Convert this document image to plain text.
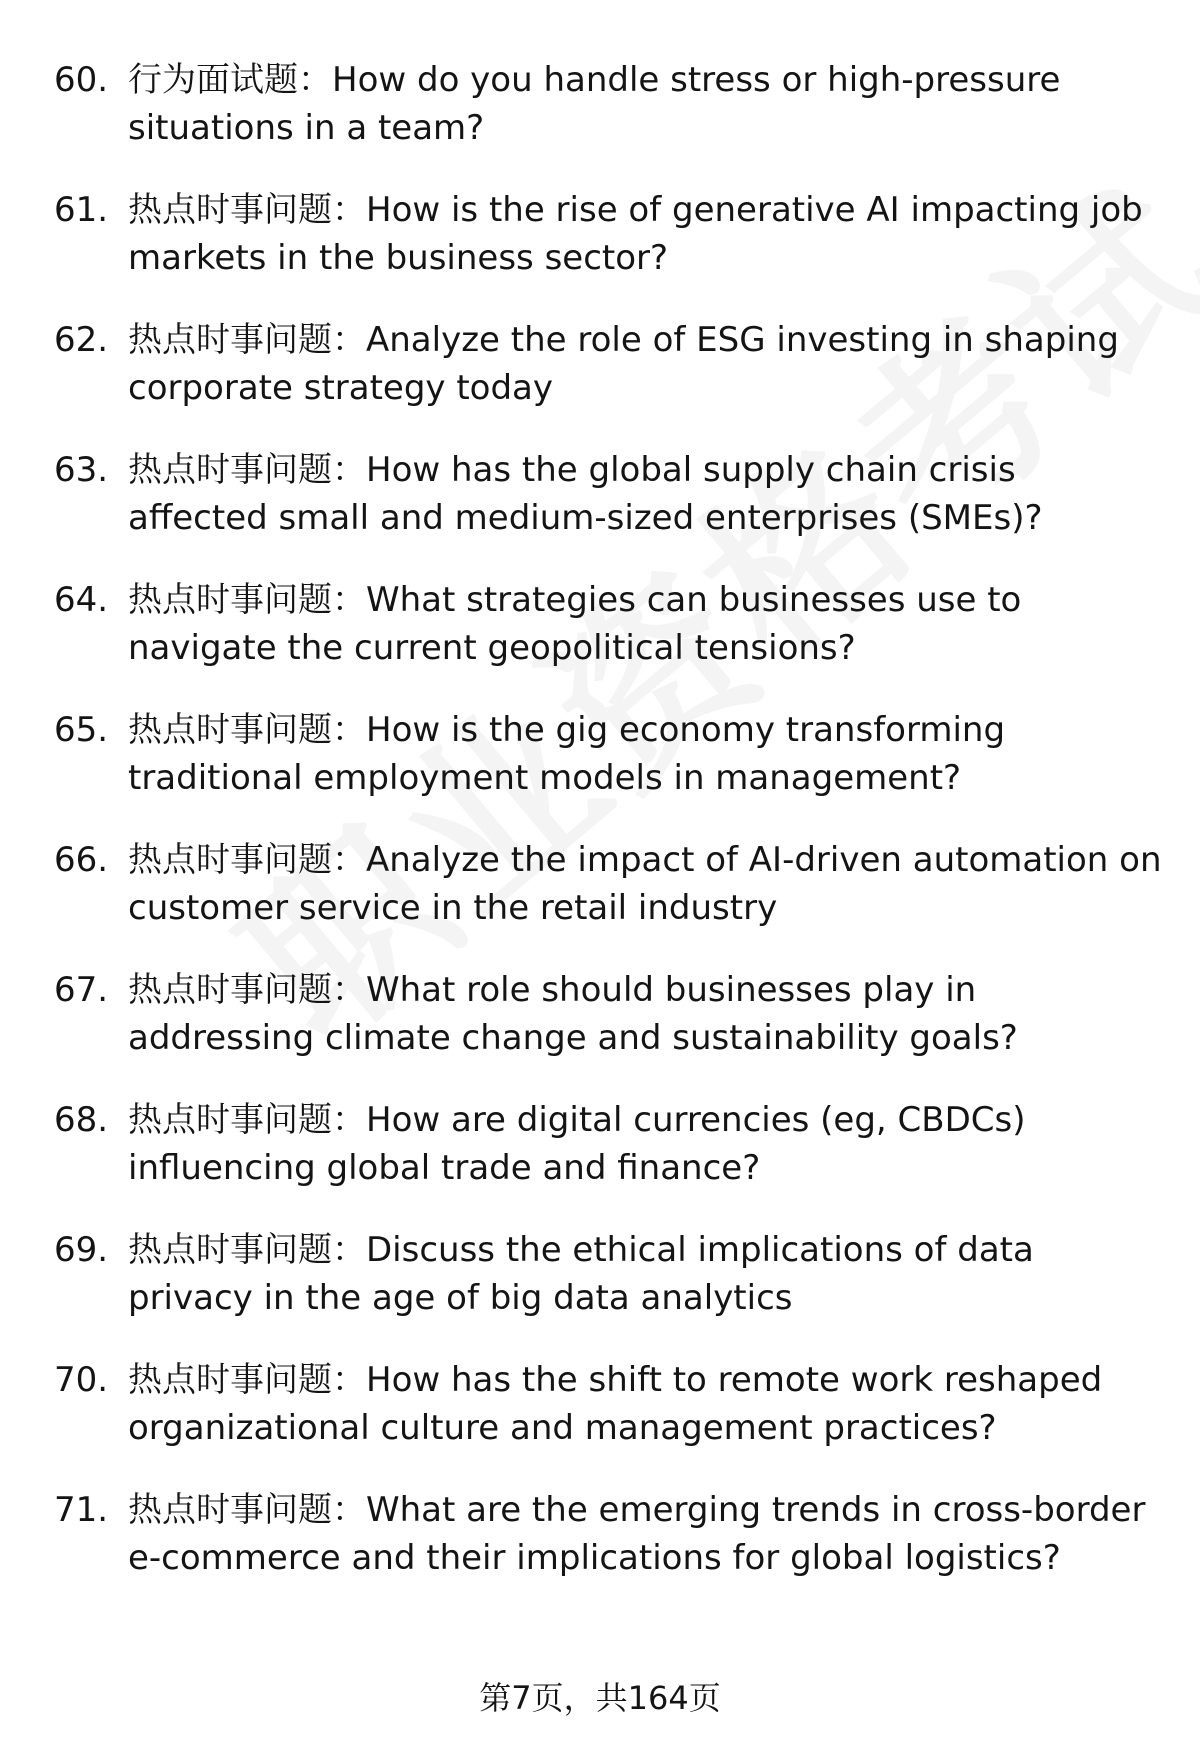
60. 行为面试题：How do you handle stress or high-pressure situations in a team?
61. 热点时事问题：How is the rise of generative AI impacting job markets in the business sector?
62. 热点时事问题：Analyze the role of ESG investing in shaping corporate strategy today
63. 热点时事问题：How has the global supply chain crisis affected small and medium-sized enterprises (SMEs)?
64. 热点时事问题：What strategies can businesses use to navigate the current geopolitical tensions?
65. 热点时事问题：How is the gig economy transforming traditional employment models in management?
66. 热点时事问题：Analyze the impact of AI-driven automation on customer service in the retail industry
67. 热点时事问题：What role should businesses play in addressing climate change and sustainability goals?
68. 热点时事问题：How are digital currencies (eg, CBDCs) influencing global trade and finance?
69. 热点时事问题：Discuss the ethical implications of data privacy in the age of big data analytics
70. 热点时事问题：How has the shift to remote work reshaped organizational culture and management practices?
71. 热点时事问题：What are the emerging trends in cross-border e-commerce and their implications for global logistics?
第7页，共164页
